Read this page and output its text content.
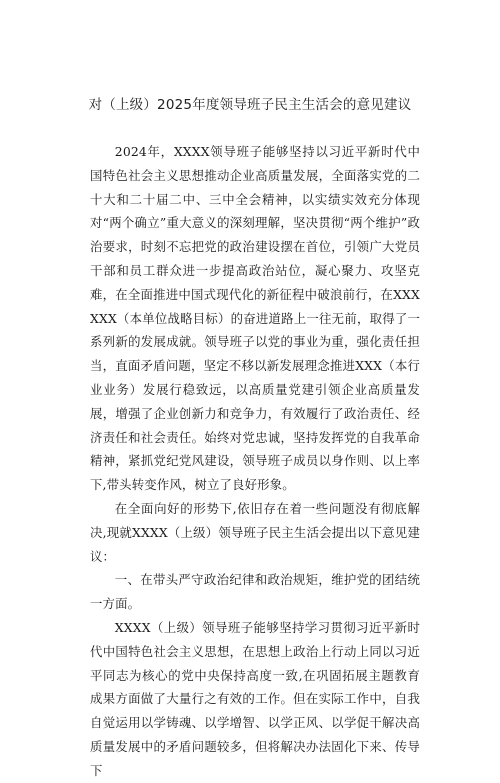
对（上级）2025年度领导班子民主生活会的意见建议

2024年，XXXX领导班子能够坚持以习近平新时代中国特色社会主义思想推动企业高质量发展，全面落实党的二十大和二十届二中、三中全会精神，以实绩实效充分体现对“两个确立”重大意义的深刻理解，坚决贯彻“两个维护”政治要求，时刻不忘把党的政治建设摆在首位，引领广大党员干部和员工群众进一步提高政治站位，凝心聚力、攻坚克难，在全面推进中国式现代化的新征程中破浪前行，在XXXXXX（本单位战略目标）的奋进道路上一往无前，取得了一系列新的发展成就。领导班子以党的事业为重，强化责任担当，直面矛盾问题，坚定不移以新发展理念推进XXX（本行业业务）发展行稳致远，以高质量党建引领企业高质量发展，增强了企业创新力和竞争力，有效履行了政治责任、经济责任和社会责任。始终对党忠诚，坚持发挥党的自我革命精神，紧抓党纪党风建设，领导班子成员以身作则、以上率下,带头转变作风，树立了良好形象。

在全面向好的形势下,依旧存在着一些问题没有彻底解决,现就XXXX（上级）领导班子民主生活会提出以下意见建议：

一、在带头严守政治纪律和政治规矩，维护党的团结统一方面。

XXXX（上级）领导班子能够坚持学习贯彻习近平新时代中国特色社会主义思想，在思想上政治上行动上同以习近平同志为核心的党中央保持高度一致,在巩固拓展主题教育成果方面做了大量行之有效的工作。但在实际工作中，自我自觉运用以学铸魂、以学增智、以学正风、以学促干解决高质量发展中的矛盾问题较多，但将解决办法固化下来、传导下
